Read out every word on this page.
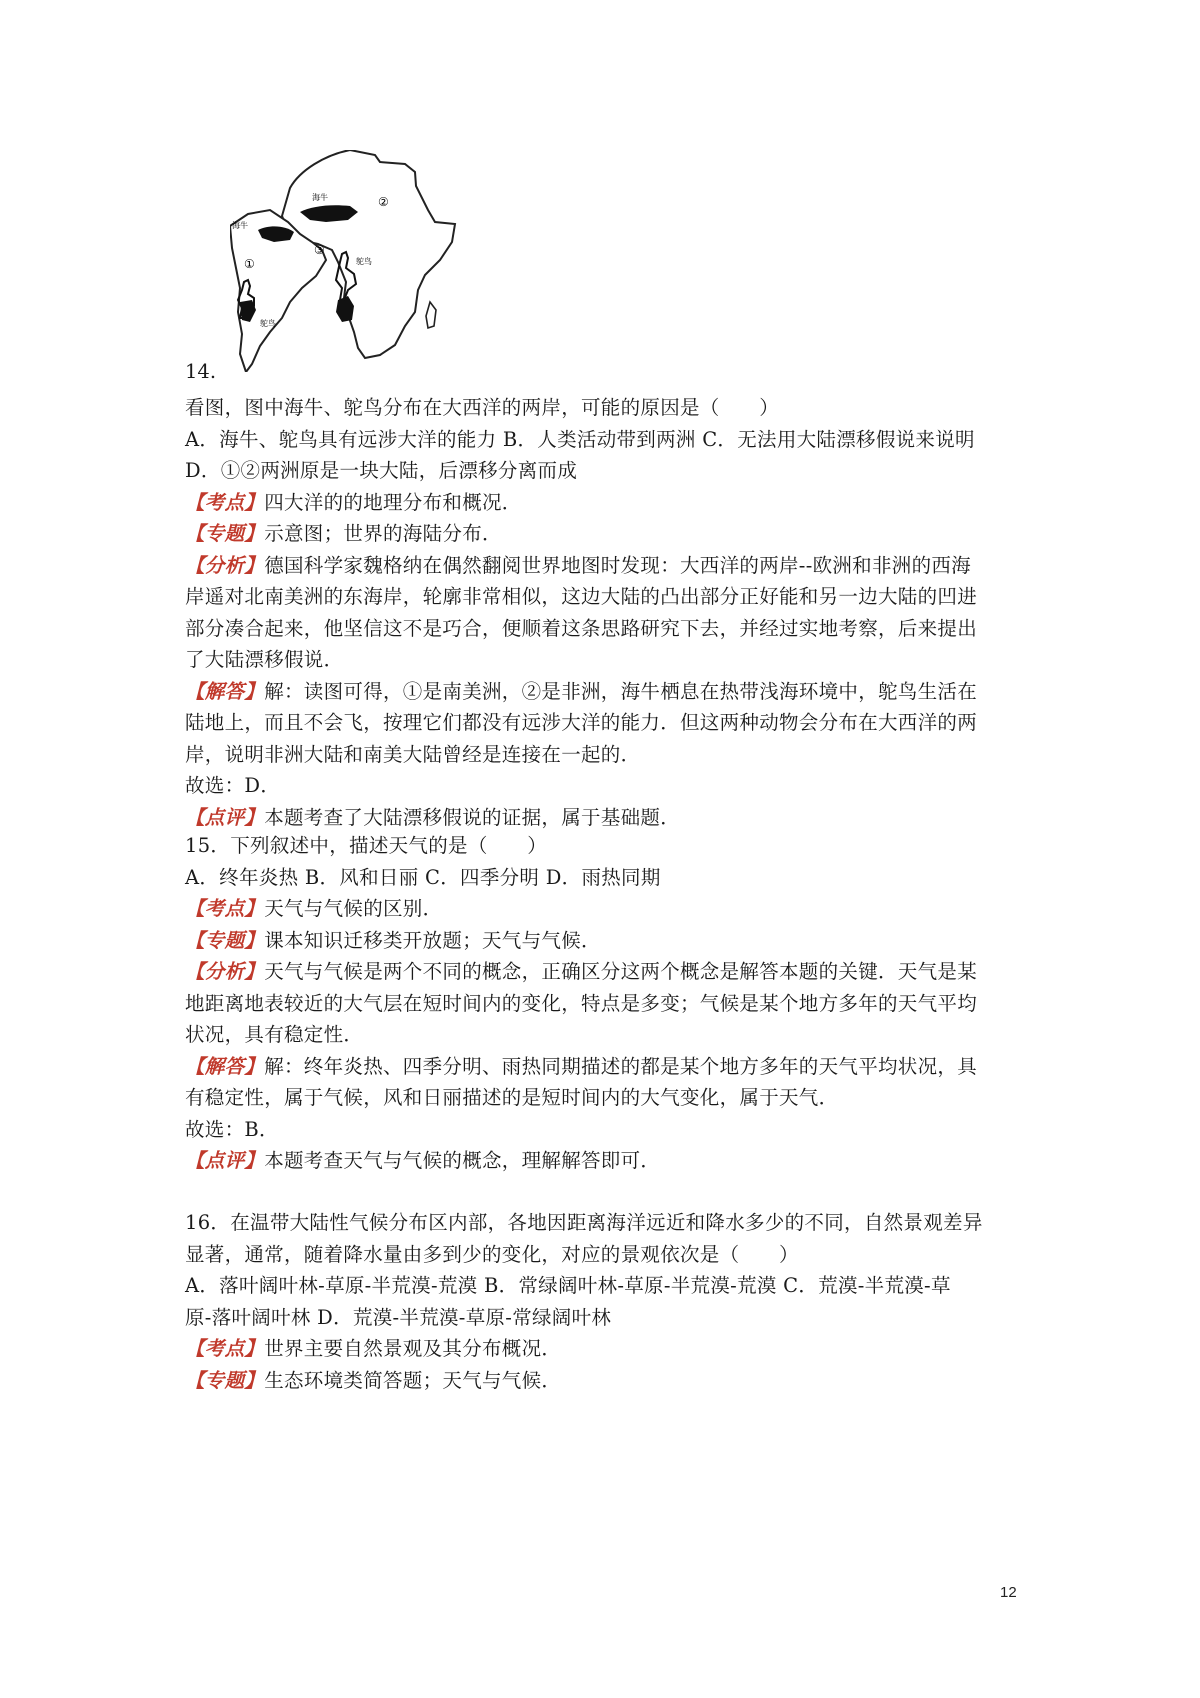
海牛
海牛
②
③
①	鸵鸟
鸵鸟
14.
看图，图中海牛、鸵鸟分布在大西洋的两岸，可能的原因是（　　）
A．海牛、鸵鸟具有远涉大洋的能力 B．人类活动带到两洲 C．无法用大陆漂移假说来说明
D．①②两洲原是一块大陆，后漂移分离而成
【考点】四大洋的的地理分布和概况．
【专题】示意图；世界的海陆分布．
【分析】德国科学家魏格纳在偶然翻阅世界地图时发现：大西洋的两岸--欧洲和非洲的西海
岸遥对北南美洲的东海岸，轮廓非常相似，这边大陆的凸出部分正好能和另一边大陆的凹进
部分凑合起来，他坚信这不是巧合，便顺着这条思路研究下去，并经过实地考察，后来提出
了大陆漂移假说．
【解答】解：读图可得，①是南美洲，②是非洲，海牛栖息在热带浅海环境中，鸵鸟生活在
陆地上，而且不会飞，按理它们都没有远涉大洋的能力．但这两种动物会分布在大西洋的两
岸，说明非洲大陆和南美大陆曾经是连接在一起的．
故选：D．
【点评】本题考查了大陆漂移假说的证据，属于基础题．
15．下列叙述中，描述天气的是（　　）
A．终年炎热 B．风和日丽 C．四季分明 D．雨热同期
【考点】天气与气候的区别．
【专题】课本知识迁移类开放题；天气与气候．
【分析】天气与气候是两个不同的概念，正确区分这两个概念是解答本题的关键．天气是某
地距离地表较近的大气层在短时间内的变化，特点是多变；气候是某个地方多年的天气平均
状况，具有稳定性．
【解答】解：终年炎热、四季分明、雨热同期描述的都是某个地方多年的天气平均状况，具
有稳定性，属于气候，风和日丽描述的是短时间内的大气变化，属于天气．
故选：B．
【点评】本题考查天气与气候的概念，理解解答即可．
16．在温带大陆性气候分布区内部，各地因距离海洋远近和降水多少的不同，自然景观差异
显著，通常，随着降水量由多到少的变化，对应的景观依次是（　　）
A．落叶阔叶林-草原-半荒漠-荒漠 B．常绿阔叶林-草原-半荒漠-荒漠 C．荒漠-半荒漠-草
原-落叶阔叶林 D．荒漠-半荒漠-草原-常绿阔叶林
【考点】世界主要自然景观及其分布概况．
【专题】生态环境类简答题；天气与气候．
12
